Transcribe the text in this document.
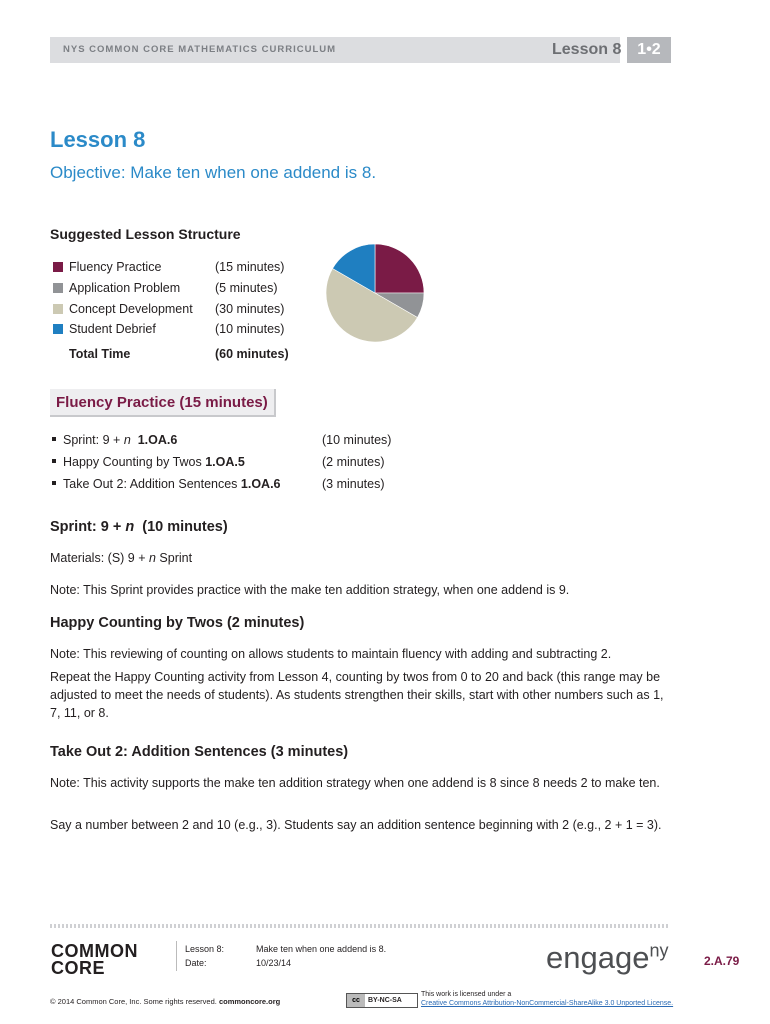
NYS COMMON CORE MATHEMATICS CURRICULUM	Lesson 8 1•2
Lesson 8
Objective: Make ten when one addend is 8.
Suggested Lesson Structure
Fluency Practice	(15 minutes)
Application Problem	(5 minutes)
Concept Development (30 minutes)
Student Debrief	(10 minutes)
Total Time	(60 minutes)
Fluency Practice (15 minutes)
Sprint: 9 + n 1.OA.6	(10 minutes)
Happy Counting by Twos 1.OA.5	(2 minutes)
Take Out 2: Addition Sentences 1.OA.6	(3 minutes)
Sprint: 9 + n  (10 minutes)
Materials: (S) 9 + n Sprint
Note: This Sprint provides practice with the make ten addition strategy, when one addend is 9.
Happy Counting by Twos (2 minutes)
Note: This reviewing of counting on allows students to maintain fluency with adding and subtracting 2.
Repeat the Happy Counting activity from Lesson 4, counting by twos from 0 to 20 and back (this range may be adjusted to meet the needs of students). As students strengthen their skills, start with other numbers such as 1, 7, 11, or 8.
Take Out 2: Addition Sentences (3 minutes)
Note: This activity supports the make ten addition strategy when one addend is 8 since 8 needs 2 to make ten.
Say a number between 2 and 10 (e.g., 3). Students say an addition sentence beginning with 2 (e.g., 2 + 1 = 3).
COMMON
CORE
Lesson 8:	Make ten when one addend is 8.
Date:	10/23/14	engage$^{ny}$
2.A.79
© 2014 Common Core, Inc. Some rights reserved. commoncore.org	cc BY-NC-SA
This work is licensed under a
Creative Commons Attribution-NonCommercial-ShareAlike 3.0 Unported License.
